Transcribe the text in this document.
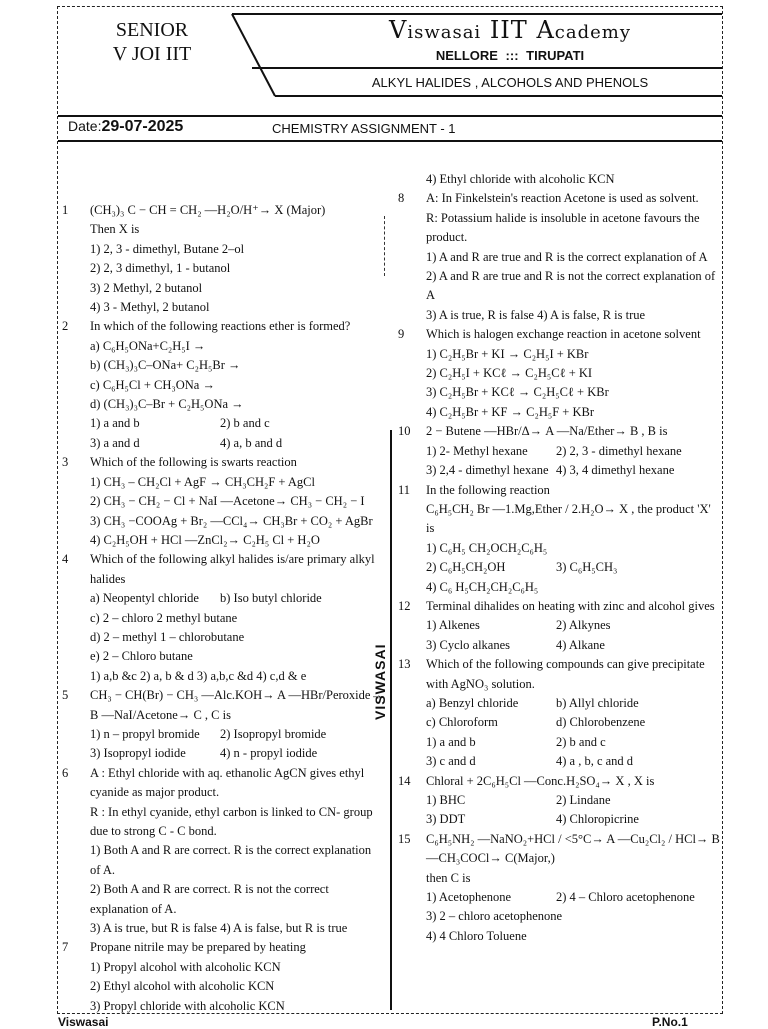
SENIOR
V JOI IIT
Viswasai IIT Academy
NELLORE ::: TIRUPATI
ALKYL HALIDES , ALCOHOLS AND PHENOLS
Date:29-07-2025	CHEMISTRY ASSIGNMENT - 1
VISWASAI
1	(CH₃)₃ C − CH = CH₂ —H₂O/H⁺→ X (Major)
Then X is
1) 2, 3 - dimethyl, Butane 2–ol
2) 2, 3 dimethyl, 1 - butanol
3) 2 Methyl, 2 butanol
4) 3 - Methyl, 2 butanol
2	In which of the following reactions ether is formed?
a) C₆H₅ONa+C₂H₅I →
b) (CH₃)₃C–ONa+ C₂H₅Br →
c) C₆H₅Cl + CH₃ONa →
d) (CH₃)₃C–Br + C₂H₅ONa →
1) a and b	2) b and c
3) a and d	4) a, b and d
3	Which of the following is swarts reaction
1) CH₃ – CH₂Cl + AgF → CH₃CH₂F + AgCl
2) CH₃ − CH₂ − Cl + NaI —Acetone→ CH₃ − CH₂ − I
3) CH₃ −COOAg + Br₂ —CCl₄→ CH₃Br + CO₂ + AgBr
4) C₂H₅OH + HCl —ZnCl₂→ C₂H₅ Cl + H₂O
4	Which of the following alkyl halides is/are primary alkyl halides
a) Neopentyl chloride	b) Iso butyl chloride
c) 2 – chloro 2 methyl butane
d) 2 – methyl 1 – chlorobutane
e) 2 – Chloro butane
1) a,b &c 2) a, b & d 3) a,b,c &d 4) c,d & e
5	CH₃ − CH(Br) − CH₃ —Alc.KOH→ A —HBr/Peroxide→ B —NaI/Acetone→ C , C is
1) n – propyl bromide	2) Isopropyl bromide
3) Isopropyl iodide	4) n - propyl iodide
6	A : Ethyl chloride with aq. ethanolic AgCN gives ethyl cyanide as major product.
R : In ethyl cyanide, ethyl carbon is linked to CN- group due to strong C - C bond.
1) Both A and R are correct. R is the correct explanation of A.
2) Both A and R are correct. R is not the correct explanation of A.
3) A is true, but R is false 4) A is false, but R is true
7	Propane nitrile may be prepared by heating
1) Propyl alcohol with alcoholic KCN
2) Ethyl alcohol with alcoholic KCN
3) Propyl chloride with alcoholic KCN
4) Ethyl chloride with alcoholic KCN
8	A: In Finkelstein's reaction Acetone is used as solvent.
R: Potassium halide is insoluble in acetone favours the product.
1) A and R are true and R is the correct explanation of A
2) A and R are true and R is not the correct explanation of A
3) A is true, R is false 4) A is false, R is true
9	Which is halogen exchange reaction in acetone solvent
1) C₂H₅Br + KI → C₂H₅I + KBr
2) C₂H₅I + KCℓ → C₂H₅Cℓ + KI
3) C₂H₅Br + KCℓ → C₂H₅Cℓ + KBr
4) C₂H₅Br + KF → C₂H₅F + KBr
10	2 − Butene —HBr/Δ→ A —Na/Ether→ B , B is
1) 2- Methyl hexane	2) 2, 3 - dimethyl hexane
3) 2,4 - dimethyl hexane 4) 3, 4 dimethyl hexane
11	In the following reaction
C₆H₅CH₂ Br —1.Mg,Ether / 2.H₂O→ X , the product 'X' is
1) C₆H₅ CH₂OCH₂C₆H₅
2) C₆H₅CH₂OH	3) C₆H₅CH₃
4) C₆ H₅CH₂CH₂C₆H₅
12	Terminal dihalides on heating with zinc and alcohol gives
1) Alkenes	2) Alkynes
3) Cyclo alkanes	4) Alkane
13	Which of the following compounds can give precipitate with AgNO₃ solution.
a) Benzyl chloride	b) Allyl chloride
c) Chloroform	d) Chlorobenzene
1) a and b	2) b and c
3) c and d	4) a , b, c and d
14	Chloral + 2C₆H₅Cl —Conc.H₂SO₄→ X , X is
1) BHC	2) Lindane
3) DDT	4) Chloropicrine
15	C₆H₅NH₂ —NaNO₂+HCl / <5°C→ A —Cu₂Cl₂ / HCl→ B —CH₃COCl→ C(Major,)
then C is
1) Acetophenone	2) 4 – Chloro acetophenone
3) 2 – chloro acetophenone
4) 4 Chloro Toluene
Viswasai	P.No.1
